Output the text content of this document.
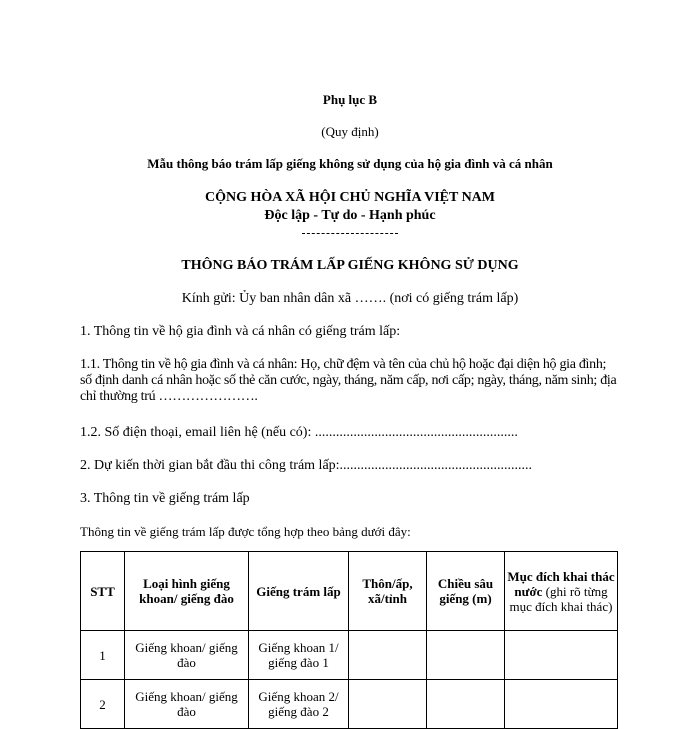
Phụ lục B
(Quy định)
Mẫu thông báo trám lấp giếng không sử dụng của hộ gia đình và cá nhân
CỘNG HÒA XÃ HỘI CHỦ NGHĨA VIỆT NAM
Độc lập - Tự do - Hạnh phúc
THÔNG BÁO TRÁM LẤP GIẾNG KHÔNG SỬ DỤNG
Kính gửi: Ủy ban nhân dân xã ……. (nơi có giếng trám lấp)
1. Thông tin về hộ gia đình và cá nhân có giếng trám lấp:
1.1. Thông tin về hộ gia đình và cá nhân: Họ, chữ đệm và tên của chủ hộ hoặc đại diện hộ gia đình; số định danh cá nhân hoặc số thẻ căn cước, ngày, tháng, năm cấp, nơi cấp; ngày, tháng, năm sinh; địa chỉ thường trú ………………….
1.2. Số điện thoại, email liên hệ (nếu có): ..........................................................
2. Dự kiến thời gian bắt đầu thi công trám lấp:.......................................................
3. Thông tin về giếng trám lấp
Thông tin về giếng trám lấp được tổng hợp theo bảng dưới đây:
STT	Loại hình giếng khoan/ giếng đào	Giếng trám lấp	Thôn/ấp, xã/tỉnh	Chiều sâu giếng (m)	Mục đích khai thác nước (ghi rõ từng mục đích khai thác)
1	Giếng khoan/ giếng đào	Giếng khoan 1/ giếng đào 1			
2	Giếng khoan/ giếng đào	Giếng khoan 2/ giếng đào 2			
